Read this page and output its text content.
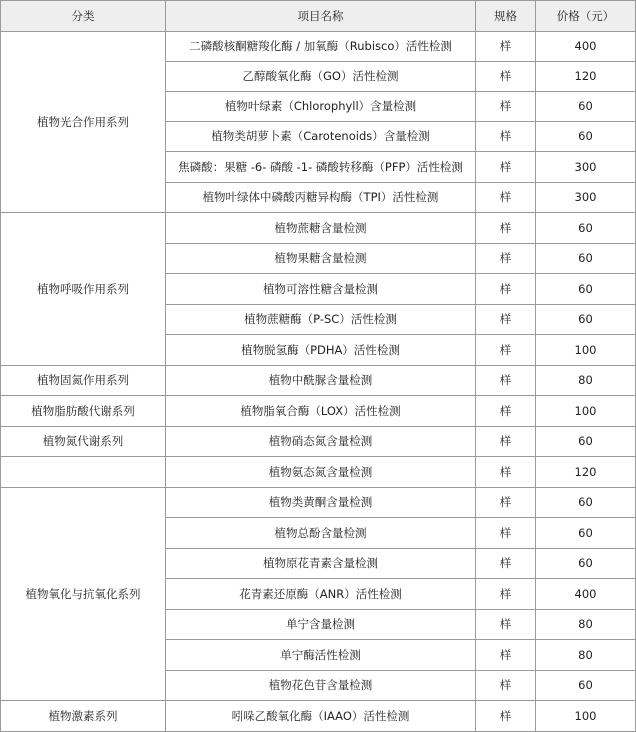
分类	项目名称	规格	价格（元）
植物光合作用系列	二磷酸核酮糖羧化酶 / 加氧酶（Rubisco）活性检测	样	400
	乙醇酸氧化酶（GO）活性检测	样	120
	植物叶绿素（Chlorophyll）含量检测	样	60
	植物类胡萝卜素（Carotenoids）含量检测	样	60
	焦磷酸：果糖 -6- 磷酸 -1- 磷酸转移酶（PFP）活性检测	样	300
	植物叶绿体中磷酸丙糖异构酶（TPI）活性检测	样	300
植物呼吸作用系列	植物蔗糖含量检测	样	60
	植物果糖含量检测	样	60
	植物可溶性糖含量检测	样	60
	植物蔗糖酶（P-SC）活性检测	样	60
	植物脱氢酶（PDHA）活性检测	样	100
植物固氮作用系列	植物中酰脲含量检测	样	80
植物脂肪酸代谢系列	植物脂氧合酶（LOX）活性检测	样	100
植物氮代谢系列	植物硝态氮含量检测	样	60
	植物氨态氮含量检测	样	120
植物氧化与抗氧化系列	植物类黄酮含量检测	样	60
	植物总酚含量检测	样	60
	植物原花青素含量检测	样	60
	花青素还原酶（ANR）活性检测	样	400
	单宁含量检测	样	80
	单宁酶活性检测	样	80
	植物花色苷含量检测	样	60
植物激素系列	吲哚乙酸氧化酶（IAAO）活性检测	样	100
